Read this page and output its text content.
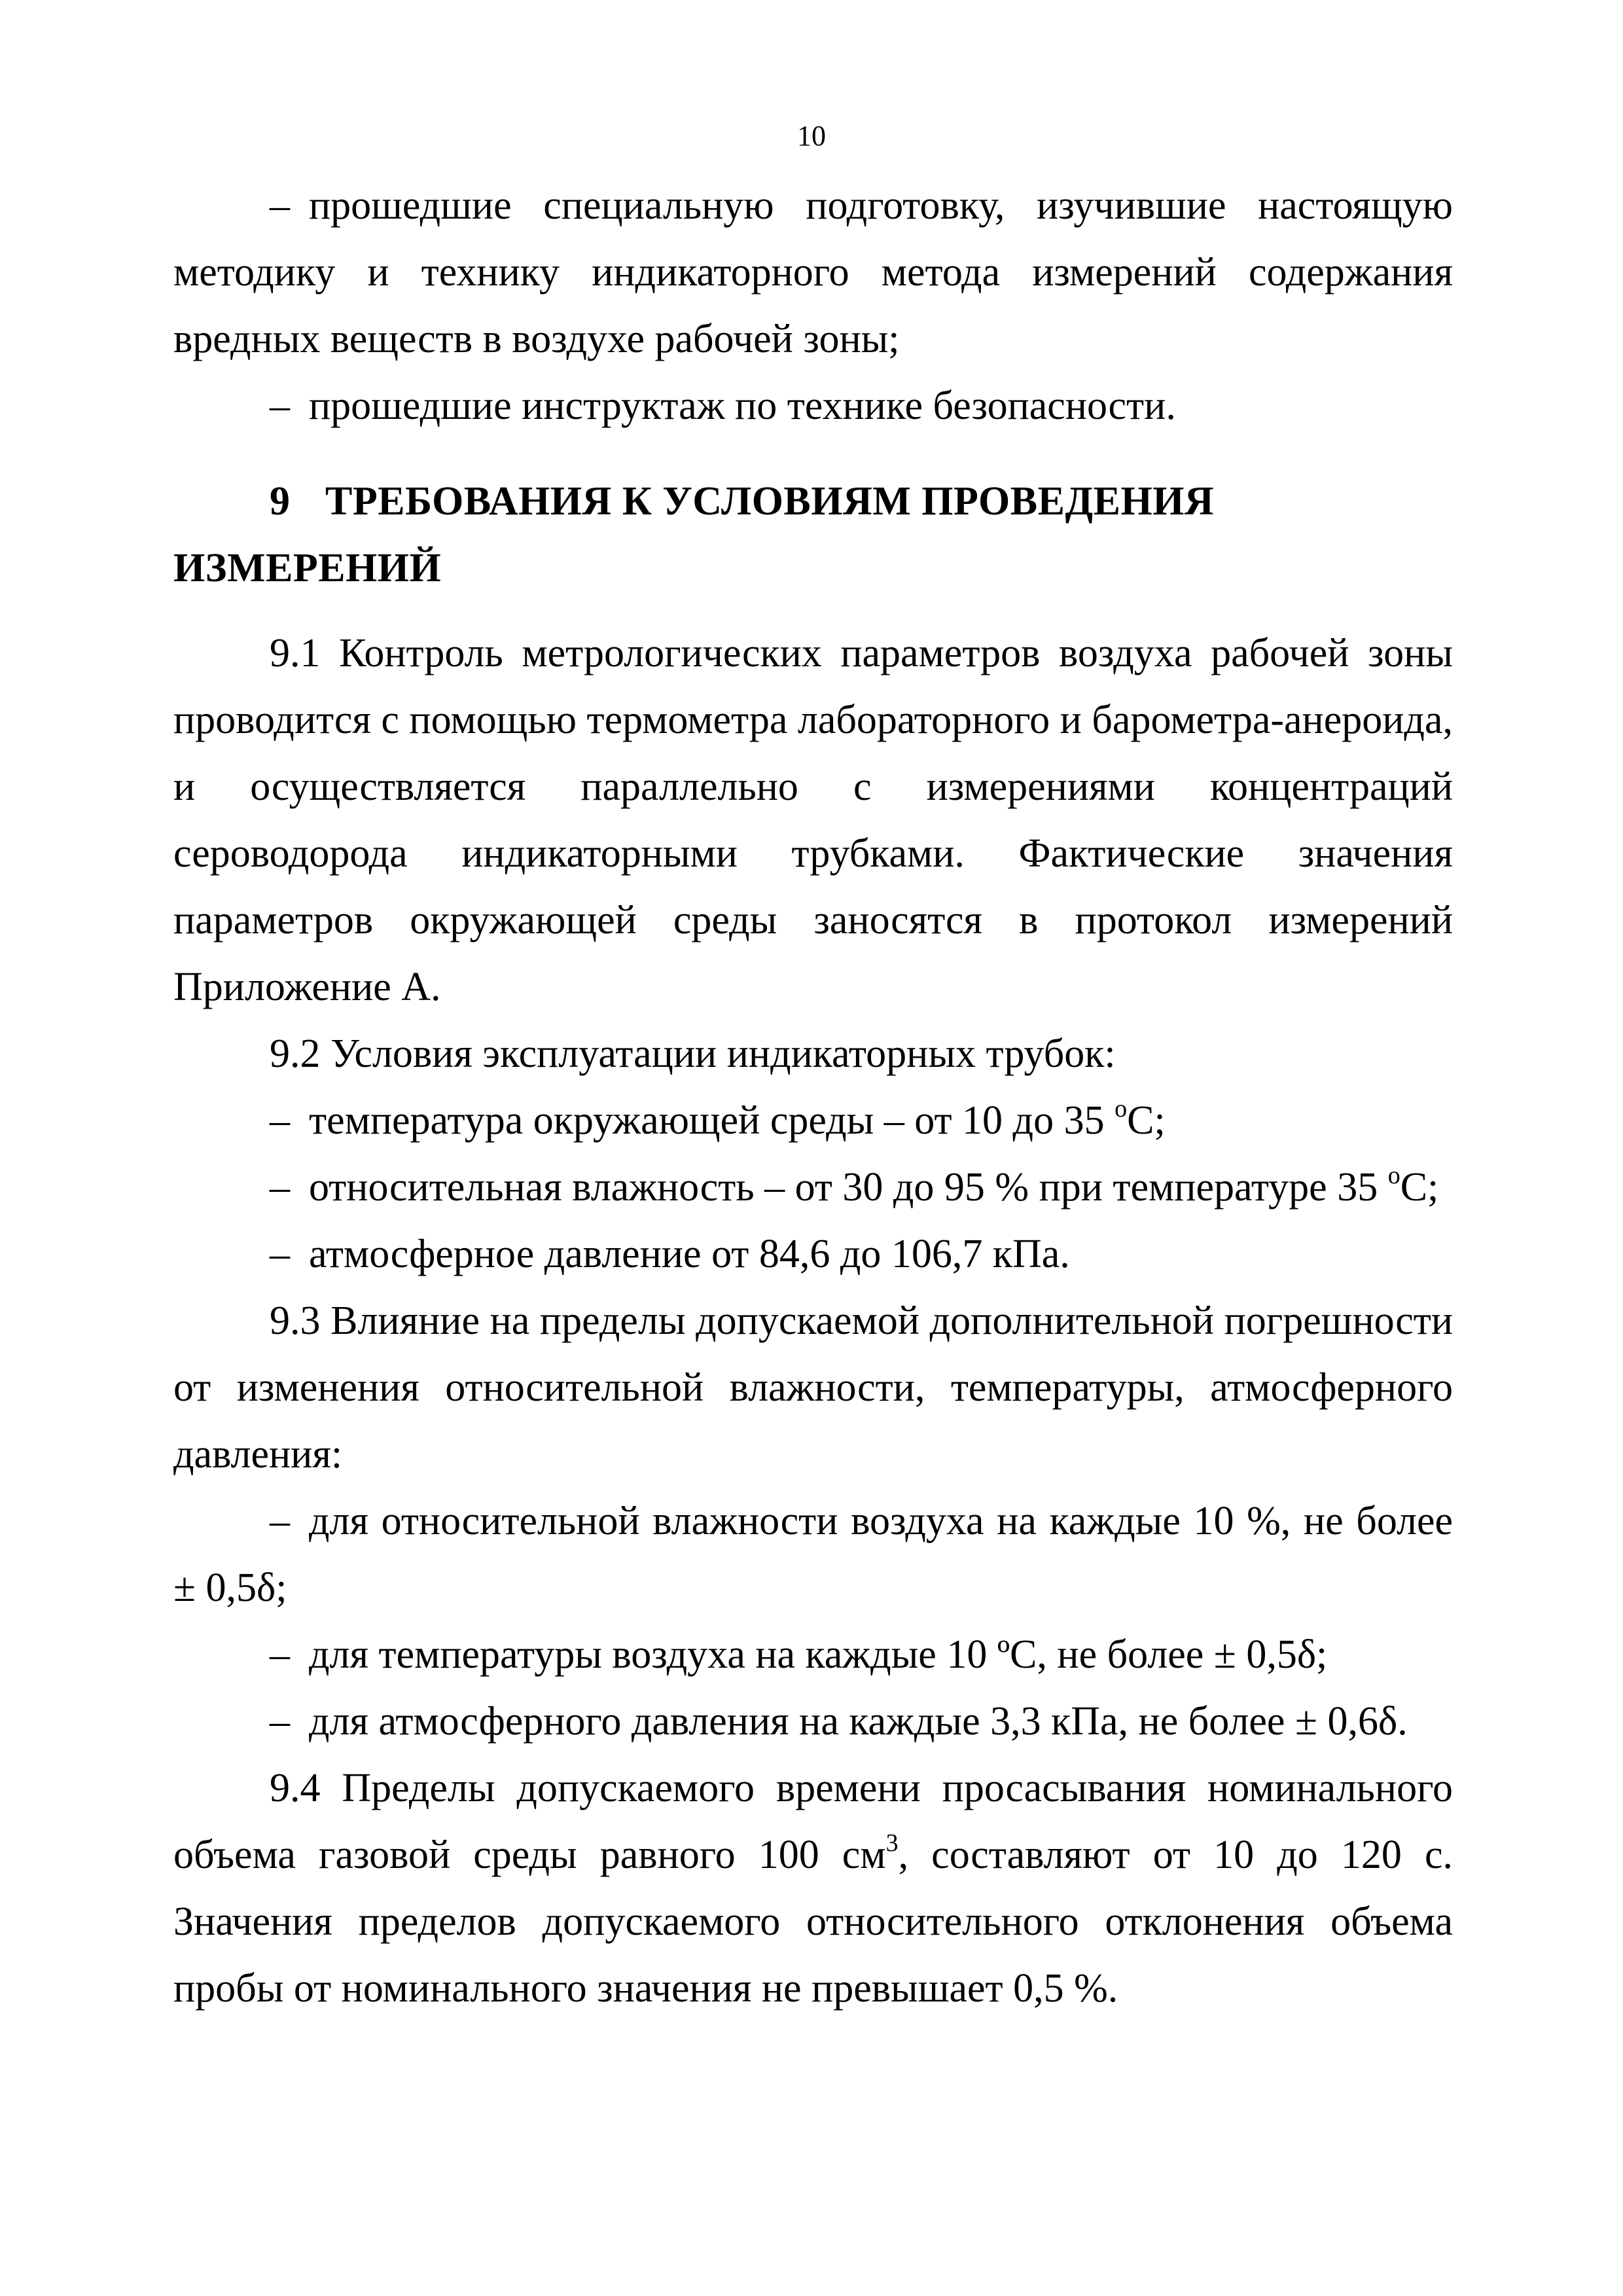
10

– прошедшие специальную подготовку, изучившие настоящую методику и технику индикаторного метода измерений содержания вредных веществ в воздухе рабочей зоны;

– прошедшие инструктаж по технике безопасности.

9 ТРЕБОВАНИЯ К УСЛОВИЯМ ПРОВЕДЕНИЯ ИЗМЕРЕНИЙ

9.1 Контроль метрологических параметров воздуха рабочей зоны проводится с помощью термометра лабораторного и барометра-анероида, и осуществляется параллельно с измерениями концентраций сероводорода индикаторными трубками. Фактические значения параметров окружающей среды заносятся в протокол измерений Приложение А.

9.2 Условия эксплуатации индикаторных трубок:

– температура окружающей среды – от 10 до 35 $^о$С;

– относительная влажность – от 30 до 95 % при температуре 35 $^о$С;

– атмосферное давление от 84,6 до 106,7 кПа.

9.3 Влияние на пределы допускаемой дополнительной погрешности от изменения относительной влажности, температуры, атмосферного давления:

– для относительной влажности воздуха на каждые 10 %, не более ± 0,5δ;

– для температуры воздуха на каждые 10 ºС, не более ± 0,5δ;

– для атмосферного давления на каждые 3,3 кПа, не более ± 0,6δ.

9.4 Пределы допускаемого времени просасывания номинального объема газовой среды равного 100 $см^3$, составляют от 10 до 120 с. Значения пределов допускаемого относительного отклонения объема пробы от номинального значения не превышает 0,5 %.
